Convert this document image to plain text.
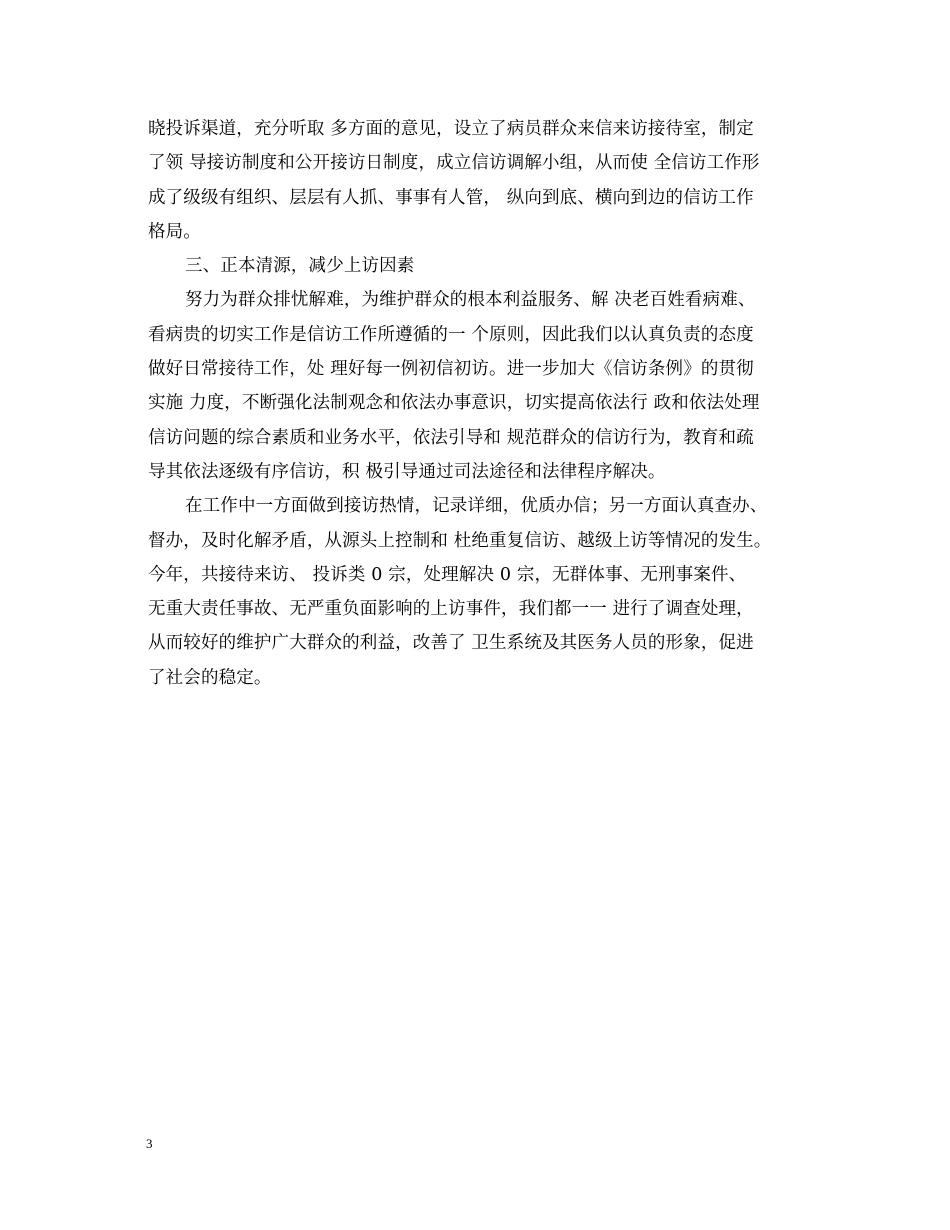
晓投诉渠道，充分听取 多方面的意见，设立了病员群众来信来访接待室，制定
了领 导接访制度和公开接访日制度，成立信访调解小组，从而使 全信访工作形
成了级级有组织、层层有人抓、事事有人管， 纵向到底、横向到边的信访工作
格局。
三、正本清源，减少上访因素
努力为群众排忧解难，为维护群众的根本利益服务、解 决老百姓看病难、
看病贵的切实工作是信访工作所遵循的一 个原则，因此我们以认真负责的态度
做好日常接待工作，处 理好每一例初信初访。进一步加大《信访条例》的贯彻
实施 力度，不断强化法制观念和依法办事意识，切实提高依法行 政和依法处理
信访问题的综合素质和业务水平，依法引导和 规范群众的信访行为，教育和疏
导其依法逐级有序信访，积 极引导通过司法途径和法律程序解决。
在工作中一方面做到接访热情，记录详细，优质办信；另一方面认真查办、
督办，及时化解矛盾，从源头上控制和 杜绝重复信访、越级上访等情况的发生。
今年，共接待来访、 投诉类 0 宗，处理解决 0 宗，无群体事、无刑事案件、
无重大责任事故、无严重负面影响的上访事件，我们都一一 进行了调查处理，
从而较好的维护广大群众的利益，改善了 卫生系统及其医务人员的形象，促进
了社会的稳定。
3
